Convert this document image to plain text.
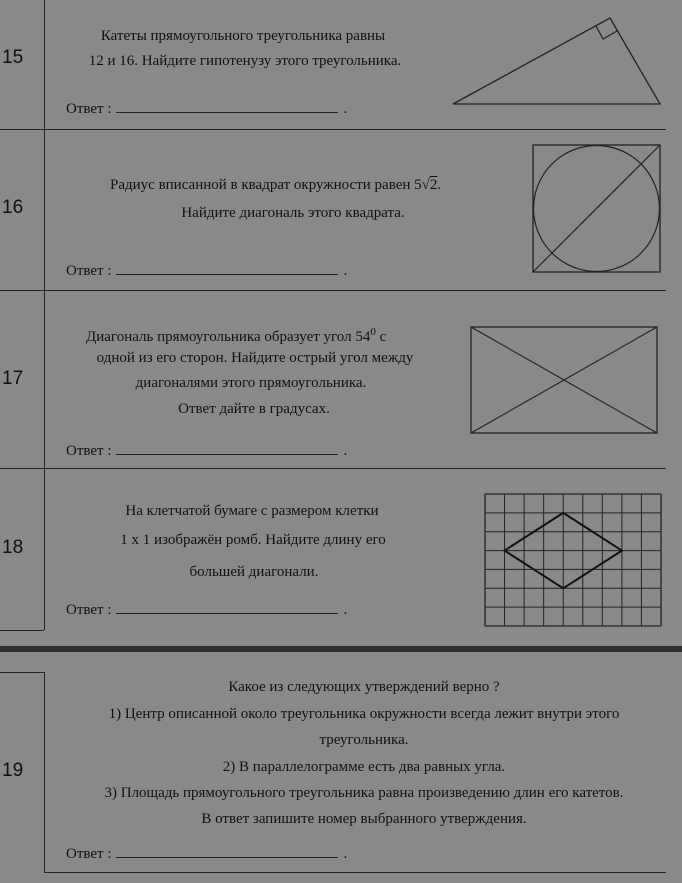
15
Катеты прямоугольного треугольника равны
12 и 16. Найдите гипотенузу этого треугольника.
Ответ :	.
16
Радиус вписанной в квадрат окружности равен 5√2.
Найдите диагональ этого квадрата.
Ответ :	.
17
Диагональ прямоугольника образует угол $54^0$ с
одной из его сторон. Найдите острый угол между
диагоналями этого прямоугольника.
Ответ дайте в градусах.
Ответ :	.
18
На клетчатой бумаге с размером клетки
1 x 1 изображён ромб. Найдите длину его
большей диагонали.
Ответ :	.
19
Какое из следующих утверждений верно ?
1) Центр описанной около треугольника окружности всегда лежит внутри этого
треугольника.
2) В параллелограмме есть два равных угла.
3) Площадь прямоугольного треугольника равна произведению длин его катетов.
В ответ запишите номер выбранного утверждения.
Ответ :	.
